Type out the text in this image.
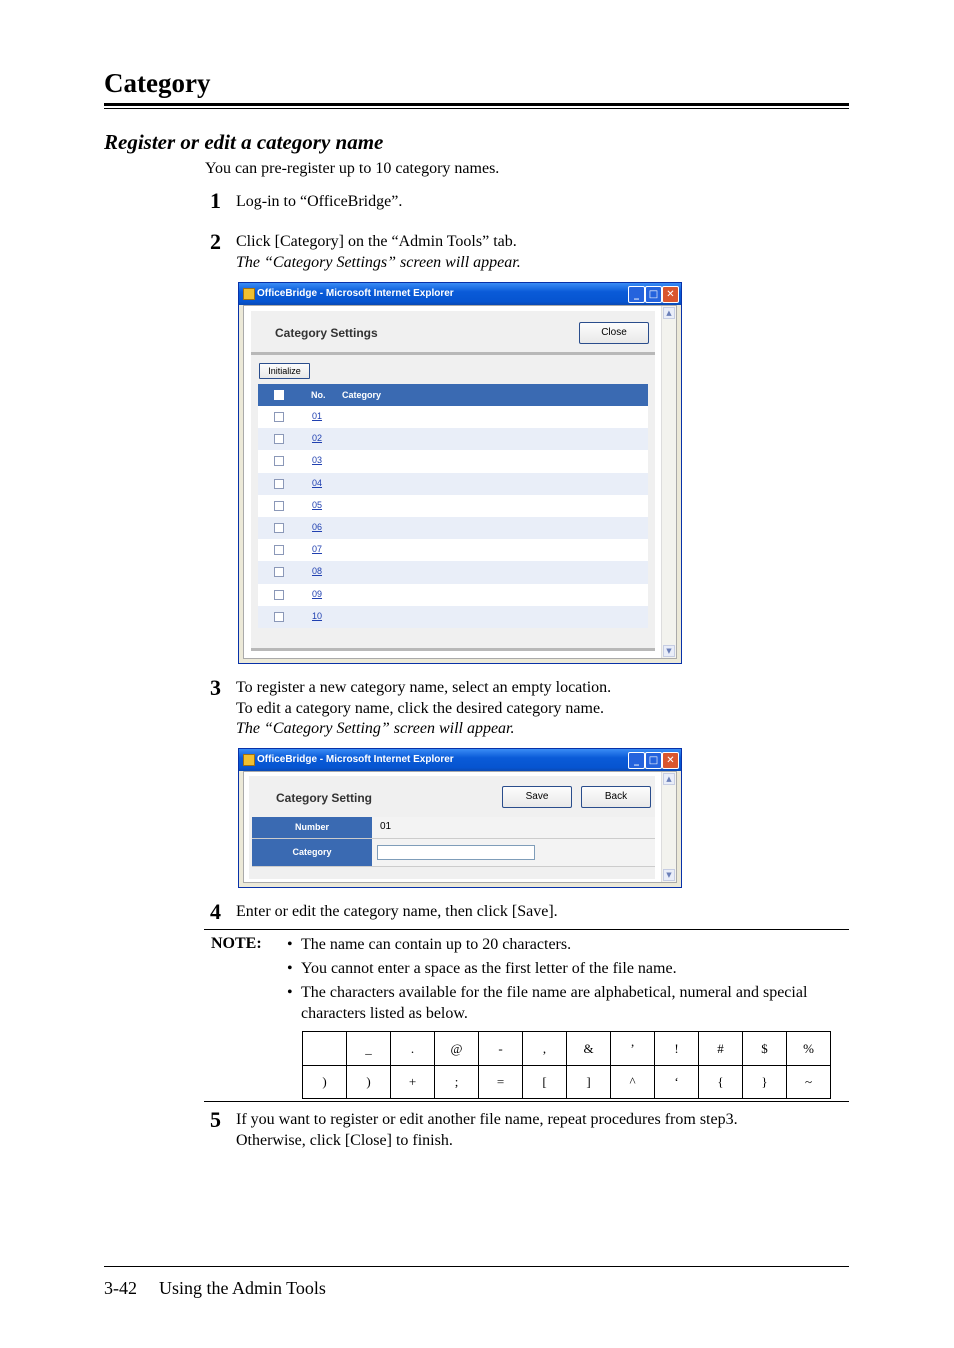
Category
Register or edit a category name
You can pre-register up to 10 category names.
1 Log-in to “OfficeBridge”.
2 Click [Category] on the “Admin Tools” tab.
The “Category Settings” screen will appear.
OfficeBridge - Microsoft Internet Explorer	_ □ ✕
Category Settings	Close
Initialize
No. Category
01
02
03
04
05
06
07
08
09
10
▲
▼
3 To register a new category name, select an empty location.
To edit a category name, click the desired category name.
The “Category Setting” screen will appear.
OfficeBridge - Microsoft Internet Explorer	_ □ ✕
Category Setting	Save	Back
Number	01
Category
▲
▼
4 Enter or edit the category name, then click [Save].
NOTE: • The name can contain up to 20 characters.
• You cannot enter a space as the first letter of the file name.
• The characters available for the file name are alphabetical, numeral and special characters listed as below.
	_	.	@	-	,	&	’	!	#	$	%
)	)	+	;	=	[	]	^	‘	{	}	~
5 If you want to register or edit another file name, repeat procedures from step3.
Otherwise, click [Close] to finish.
3-42 Using the Admin Tools
